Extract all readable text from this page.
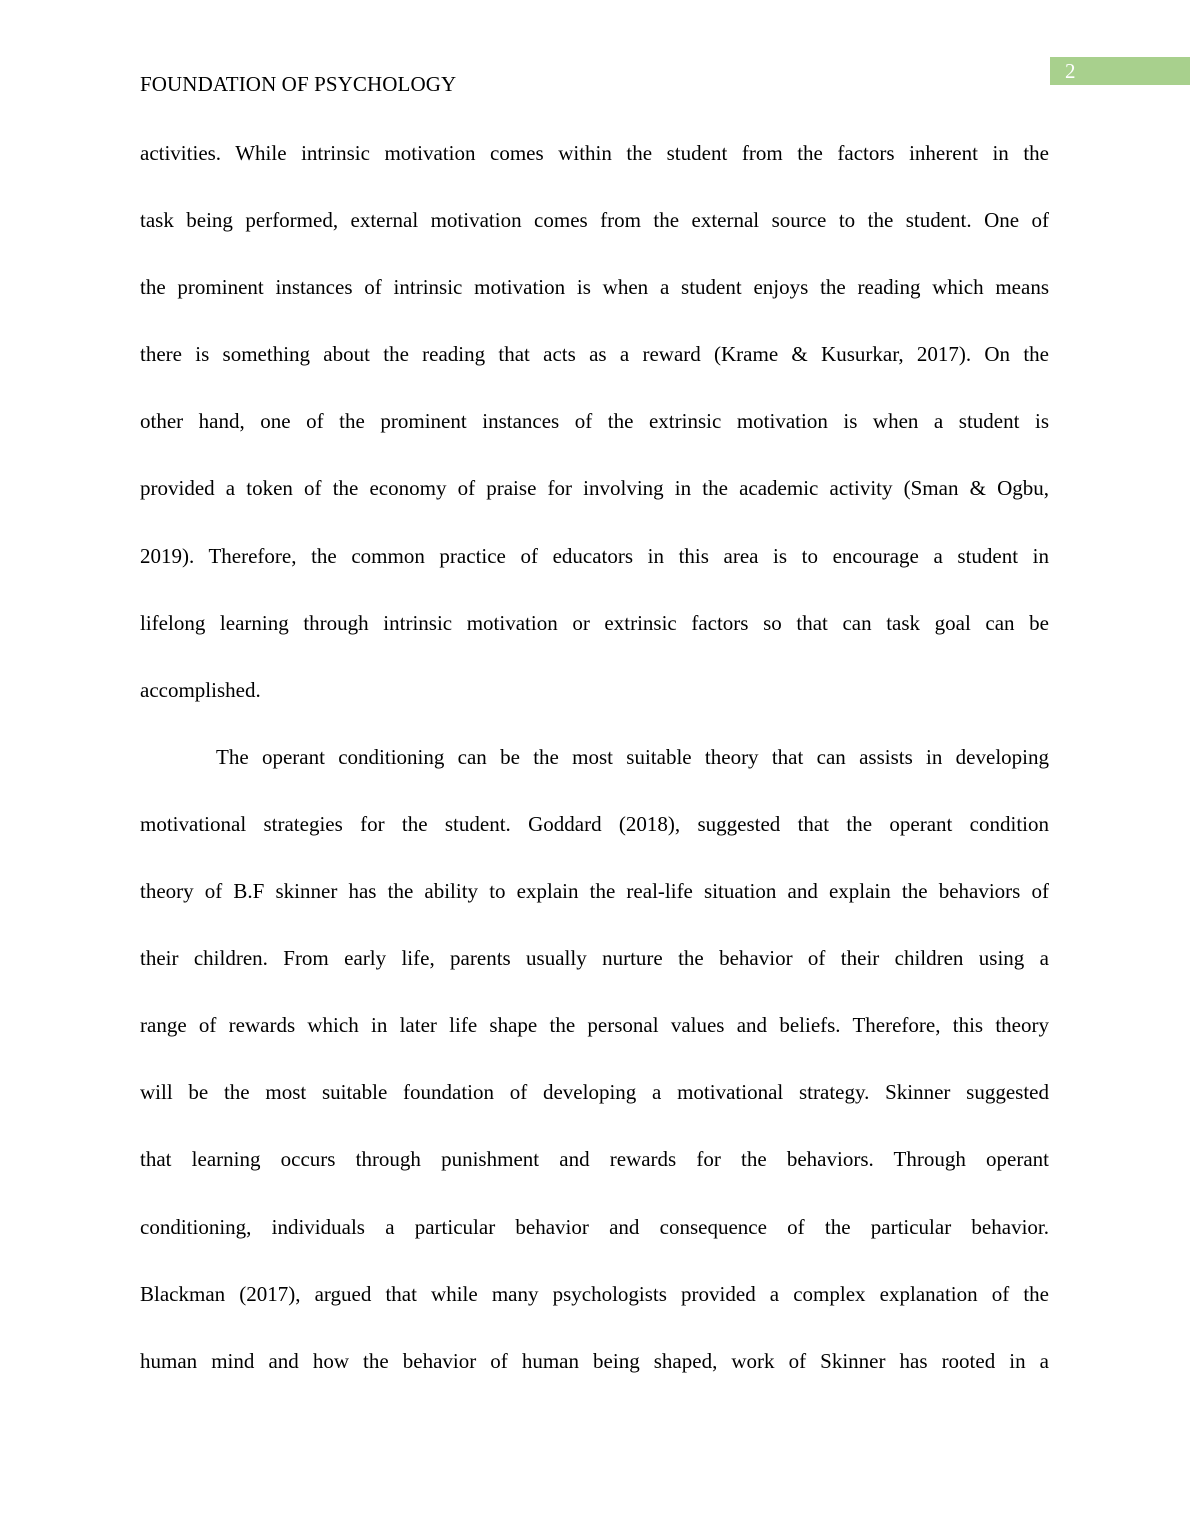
2
FOUNDATION OF PSYCHOLOGY
activities. While intrinsic motivation comes within the student from the factors inherent in the
task being performed, external motivation comes from the external source to the student. One of
the prominent instances of intrinsic motivation is when a student enjoys the reading which means
there is something about the reading that acts as a reward (Krame & Kusurkar, 2017). On the
other hand, one of the prominent instances of the extrinsic motivation is when a student is
provided a token of the economy of praise for involving in the academic activity (Sman & Ogbu,
2019). Therefore, the common practice of educators in this area is to encourage a student in
lifelong learning through intrinsic motivation or extrinsic factors so that can task goal can be
accomplished.
The operant conditioning can be the most suitable theory that can assists in developing
motivational strategies for the student. Goddard (2018), suggested that the operant condition
theory of B.F skinner has the ability to explain the real-life situation and explain the behaviors of
their children. From early life, parents usually nurture the behavior of their children using a
range of rewards which in later life shape the personal values and beliefs. Therefore, this theory
will be the most suitable foundation of developing a motivational strategy. Skinner suggested
that learning occurs through punishment and rewards for the behaviors. Through operant
conditioning, individuals a particular behavior and consequence of the particular behavior.
Blackman (2017), argued that while many psychologists provided a complex explanation of the
human mind and how the behavior of human being shaped, work of Skinner has rooted in a
